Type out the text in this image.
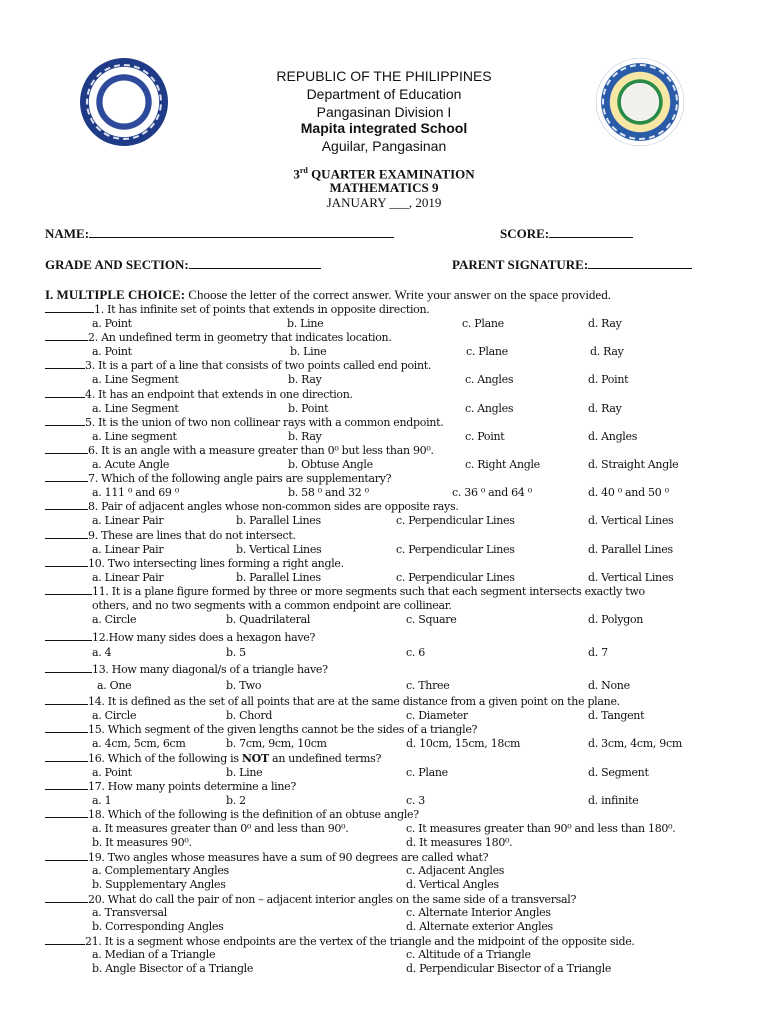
REPUBLIC OF THE PHILIPPINES
Department of Education
Pangasinan Division I
Mapita integrated School
Aguilar, Pangasinan
3rd QUARTER EXAMINATION
MATHEMATICS 9
JANUARY ___, 2019
NAME:	SCORE:
GRADE AND SECTION:	PARENT SIGNATURE:
I. MULTIPLE CHOICE: Choose the letter of the correct answer. Write your answer on the space provided.
1. It has infinite set of points that extends in opposite direction.
a. Point	b. Line	c. Plane	d. Ray
2. An undefined term in geometry that indicates location.
a. Point	b. Line	c. Plane	d. Ray
3. It is a part of a line that consists of two points called end point.
a. Line Segment	b. Ray	c. Angles	d. Point
4. It has an endpoint that extends in one direction.
a. Line Segment	b. Point	c. Angles	d. Ray
5. It is the union of two non collinear rays with a common endpoint.
a. Line segment	b. Ray	c. Point	d. Angles
6. It is an angle with a measure greater than 0⁰ but less than 90⁰.
a. Acute Angle	b. Obtuse Angle	c. Right Angle	d. Straight Angle
7. Which of the following angle pairs are supplementary?
a. 111 ⁰ and 69 ⁰	b. 58 ⁰ and 32 ⁰	c. 36 ⁰ and 64 ⁰	d. 40 ⁰ and 50 ⁰
8. Pair of adjacent angles whose non-common sides are opposite rays.
a. Linear Pair	b. Parallel Lines	c. Perpendicular Lines	d. Vertical Lines
9. These are lines that do not intersect.
a. Linear Pair	b. Vertical Lines	c. Perpendicular Lines	d. Parallel Lines
10. Two intersecting lines forming a right angle.
a. Linear Pair	b. Parallel Lines	c. Perpendicular Lines	d. Vertical Lines
11. It is a plane figure formed by three or more segments such that each segment intersects exactly two
others, and no two segments with a common endpoint are collinear.
a. Circle	b. Quadrilateral	c. Square	d. Polygon
12.How many sides does a hexagon have?
a. 4	b. 5	c. 6	d. 7
13. How many diagonal/s of a triangle have?
a. One	b. Two	c. Three	d. None
14. It is defined as the set of all points that are at the same distance from a given point on the plane.
a. Circle	b. Chord	c. Diameter	d. Tangent
15. Which segment of the given lengths cannot be the sides of a triangle?
a. 4cm, 5cm, 6cm	b. 7cm, 9cm, 10cm	d. 10cm, 15cm, 18cm	d. 3cm, 4cm, 9cm
16. Which of the following is NOT an undefined terms?
a. Point	b. Line	c. Plane	d. Segment
17. How many points determine a line?
a. 1	b. 2	c. 3	d. infinite
18. Which of the following is the definition of an obtuse angle?
a. It measures greater than 0⁰ and less than 90⁰.	c. It measures greater than 90⁰ and less than 180⁰.
b. It measures 90⁰.	d. It measures 180⁰.
19. Two angles whose measures have a sum of 90 degrees are called what?
a. Complementary Angles	c. Adjacent Angles
b. Supplementary Angles	d. Vertical Angles
20. What do call the pair of non – adjacent interior angles on the same side of a transversal?
a. Transversal	c. Alternate Interior Angles
b. Corresponding Angles	d. Alternate exterior Angles
21. It is a segment whose endpoints are the vertex of the triangle and the midpoint of the opposite side.
a. Median of a Triangle	c. Altitude of a Triangle
b. Angle Bisector of a Triangle	d. Perpendicular Bisector of a Triangle
